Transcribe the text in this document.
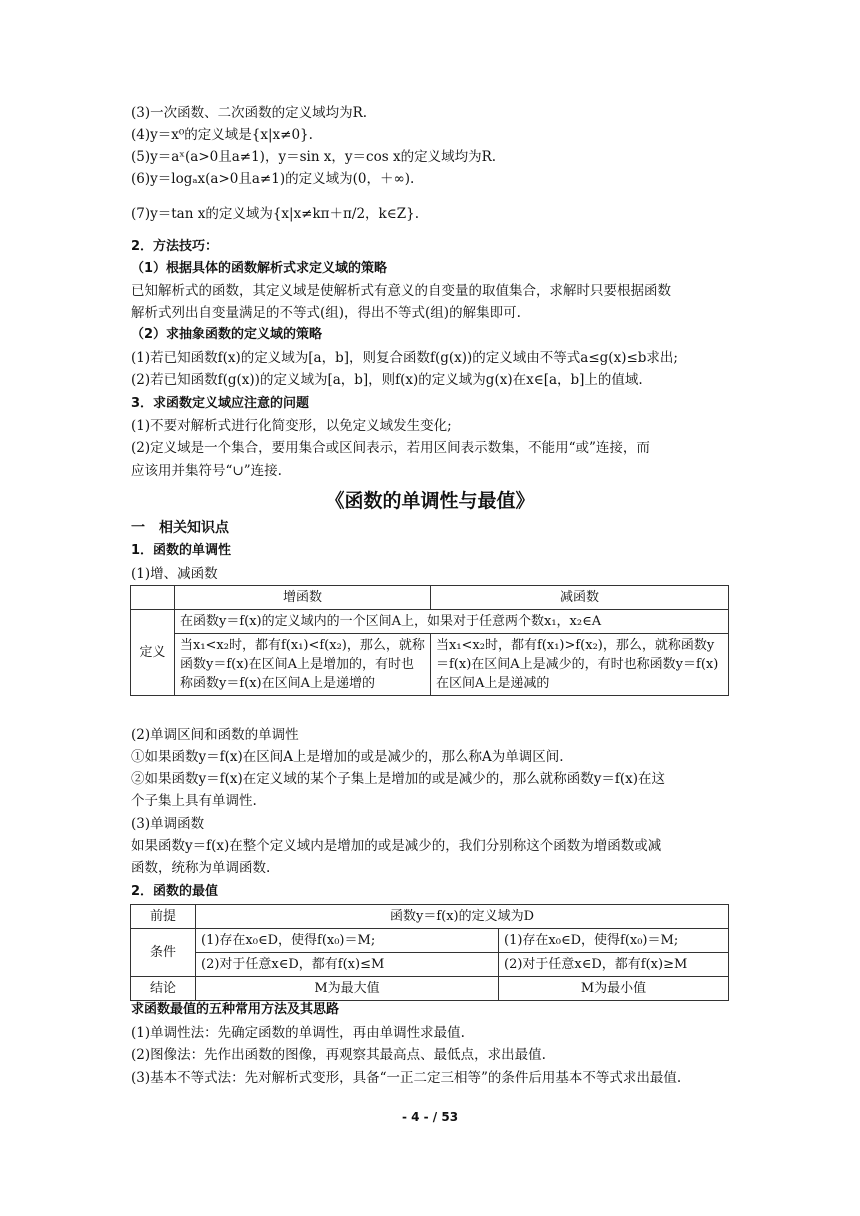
(3)一次函数、二次函数的定义域均为R.
(4)y＝x⁰的定义域是{x|x≠0}.
(5)y＝aˣ(a>0且a≠1)，y＝sin x，y＝cos x的定义域均为R.
(6)y＝logₐx(a>0且a≠1)的定义域为(0，＋∞).
(7)y＝tan x的定义域为{x|x≠kπ＋π/2，k∈Z}.
2．方法技巧：
（1）根据具体的函数解析式求定义域的策略
已知解析式的函数，其定义域是使解析式有意义的自变量的取值集合，求解时只要根据函数
解析式列出自变量满足的不等式(组)，得出不等式(组)的解集即可.
（2）求抽象函数的定义域的策略
(1)若已知函数f(x)的定义域为[a，b]，则复合函数f(g(x))的定义域由不等式a≤g(x)≤b求出;
(2)若已知函数f(g(x))的定义域为[a，b]，则f(x)的定义域为g(x)在x∈[a，b]上的值域.
3．求函数定义域应注意的问题
(1)不要对解析式进行化简变形，以免定义域发生变化;
(2)定义域是一个集合，要用集合或区间表示，若用区间表示数集，不能用“或”连接，而
应该用并集符号“∪”连接.
《函数的单调性与最值》
一　相关知识点
1．函数的单调性
(1)增、减函数
	增函数	减函数
定义	在函数y＝f(x)的定义域内的一个区间A上，如果对于任意两个数x₁，x₂∈A	
	当x₁<x₂时，都有f(x₁)<f(x₂)，那么，就称函数y＝f(x)在区间A上是增加的，有时也称函数y＝f(x)在区间A上是递增的	当x₁<x₂时，都有f(x₁)>f(x₂)，那么，就称函数y＝f(x)在区间A上是减少的，有时也称函数y＝f(x)在区间A上是递减的
(2)单调区间和函数的单调性
①如果函数y＝f(x)在区间A上是增加的或是减少的，那么称A为单调区间.
②如果函数y＝f(x)在定义域的某个子集上是增加的或是减少的，那么就称函数y＝f(x)在这
个子集上具有单调性.
(3)单调函数
如果函数y＝f(x)在整个定义域内是增加的或是减少的，我们分别称这个函数为增函数或减
函数，统称为单调函数.
2．函数的最值
前提	函数y＝f(x)的定义域为D	
条件	(1)存在x₀∈D，使得f(x₀)＝M;	(1)存在x₀∈D，使得f(x₀)＝M;
	(2)对于任意x∈D，都有f(x)≤M	(2)对于任意x∈D，都有f(x)≥M
结论	M为最大值	M为最小值
求函数最值的五种常用方法及其思路
(1)单调性法：先确定函数的单调性，再由单调性求最值.
(2)图像法：先作出函数的图像，再观察其最高点、最低点，求出最值.
(3)基本不等式法：先对解析式变形，具备“一正二定三相等”的条件后用基本不等式求出最值.
- 4 - / 53
